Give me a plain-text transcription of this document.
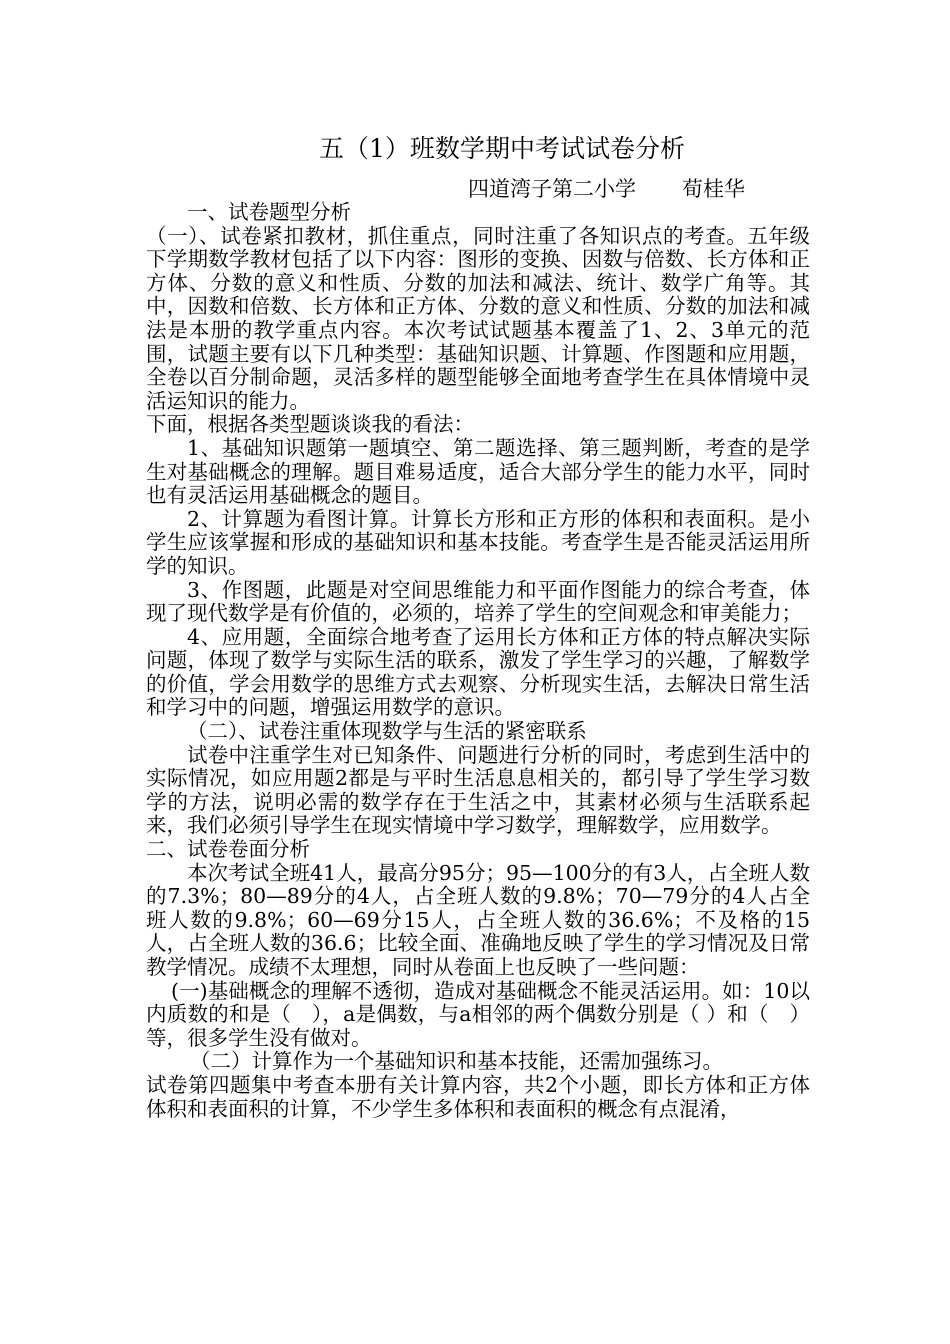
五（1）班数学期中考试试卷分析
四道湾子第二小学 荀桂华

一、试卷题型分析

（一）、试卷紧扣教材，抓住重点，同时注重了各知识点的考查。五年级下学期数学教材包括了以下内容：图形的变换、因数与倍数、长方体和正方体、分数的意义和性质、分数的加法和减法、统计、数学广角等。其中，因数和倍数、长方体和正方体、分数的意义和性质、分数的加法和减法是本册的教学重点内容。本次考试试题基本覆盖了1、2、3单元的范围，试题主要有以下几种类型：基础知识题、计算题、作图题和应用题，全卷以百分制命题，灵活多样的题型能够全面地考查学生在具体情境中灵活运知识的能力。

下面，根据各类型题谈谈我的看法：

1、基础知识题第一题填空、第二题选择、第三题判断，考查的是学生对基础概念的理解。题目难易适度，适合大部分学生的能力水平，同时也有灵活运用基础概念的题目。

2、计算题为看图计算。计算长方形和正方形的体积和表面积。是小学生应该掌握和形成的基础知识和基本技能。考查学生是否能灵活运用所学的知识。

3、作图题，此题是对空间思维能力和平面作图能力的综合考查，体现了现代数学是有价值的，必须的，培养了学生的空间观念和审美能力；

4、应用题，全面综合地考查了运用长方体和正方体的特点解决实际问题，体现了数学与实际生活的联系，激发了学生学习的兴趣，了解数学的价值，学会用数学的思维方式去观察、分析现实生活，去解决日常生活和学习中的问题，增强运用数学的意识。

（二）、试卷注重体现数学与生活的紧密联系

试卷中注重学生对已知条件、问题进行分析的同时，考虑到生活中的实际情况，如应用题2都是与平时生活息息相关的，都引导了学生学习数学的方法，说明必需的数学存在于生活之中，其素材必须与生活联系起来，我们必须引导学生在现实情境中学习数学，理解数学，应用数学。

二、试卷卷面分析

本次考试全班41人，最高分95分；95—100分的有3人，占全班人数的7.3%；80—89分的4人，占全班人数的9.8%；70—79分的4人占全班人数的9.8%；60—69分15人，占全班人数的36.6%；不及格的15人，占全班人数的36.6；比较全面、准确地反映了学生的学习情况及日常教学情况。成绩不太理想，同时从卷面上也反映了一些问题：

(一)基础概念的理解不透彻，造成对基础概念不能灵活运用。如：10以内质数的和是（　），a是偶数，与a相邻的两个偶数分别是（ ）和（　）等，很多学生没有做对。

（二）计算作为一个基础知识和基本技能，还需加强练习。

试卷第四题集中考查本册有关计算内容，共2个小题，即长方体和正方体体积和表面积的计算，不少学生多体积和表面积的概念有点混淆，
